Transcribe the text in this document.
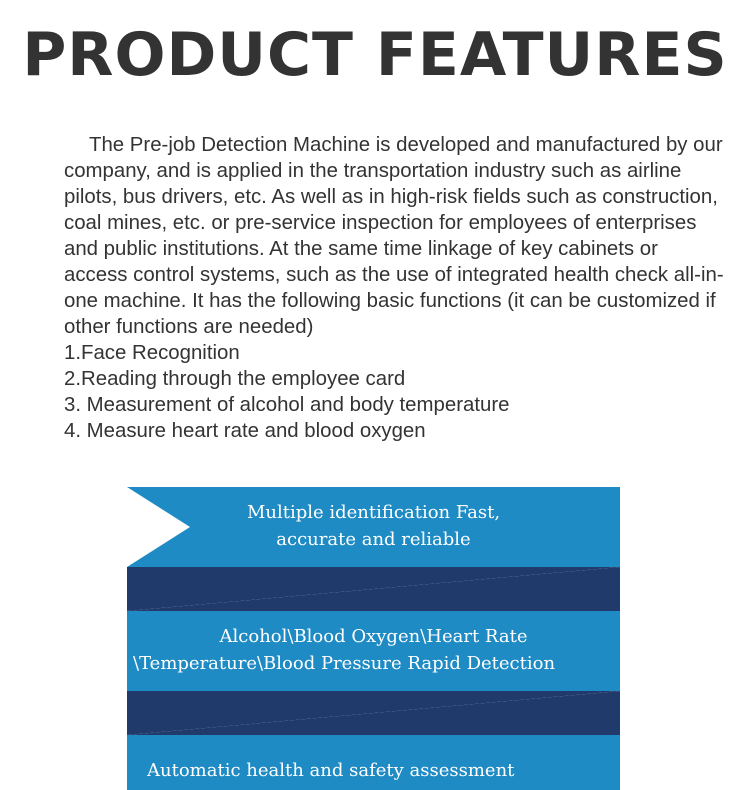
PRODUCT FEATURES

The Pre-job Detection Machine is developed and manufactured by our company, and is applied in the transportation industry such as airline pilots, bus drivers, etc. As well as in high-risk fields such as construction, coal mines, etc. or pre-service inspection for employees of enterprises and public institutions. At the same time linkage of key cabinets or access control systems, such as the use of integrated health check all-in-one machine. It has the following basic functions (it can be customized if other functions are needed)

1.Face Recognition
2.Reading through the employee card
3. Measurement of alcohol and body temperature
4. Measure heart rate and blood oxygen
Multiple identification Fast,
accurate and reliable
Alcohol\Blood Oxygen\Heart Rate
\Temperature\Blood Pressure Rapid Detection
Automatic health and safety assessment
